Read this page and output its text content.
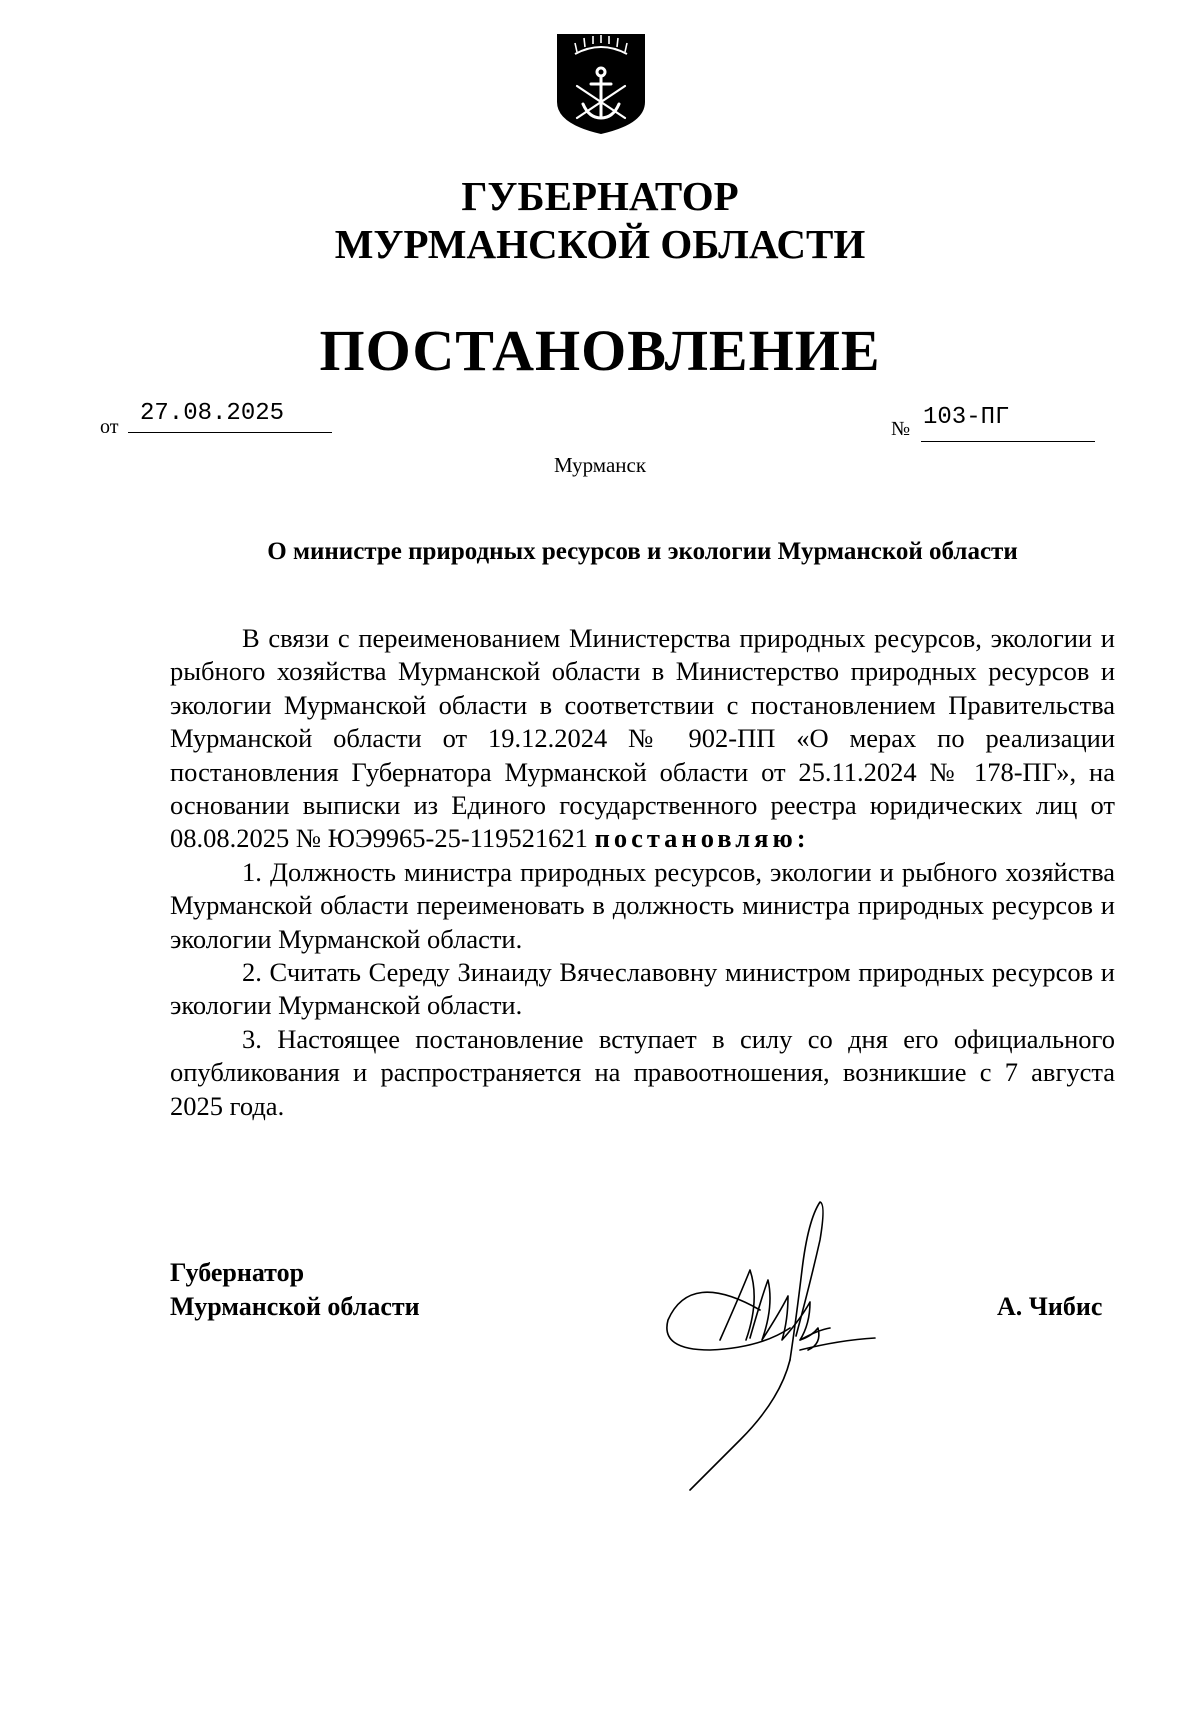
ГУБЕРНАТОР
МУРМАНСКОЙ ОБЛАСТИ
ПОСТАНОВЛЕНИЕ
от 27.08.2025
№ 103-ПГ
Мурманск
О министре природных ресурсов и экологии Мурманской области

В связи с переименованием Министерства природных ресурсов, экологии и рыбного хозяйства Мурманской области в Министерство природных ресурсов и экологии Мурманской области в соответствии с постановлением Правительства Мурманской области от 19.12.2024 № 902-ПП «О мерах по реализации постановления Губернатора Мурманской области от 25.11.2024 № 178-ПГ», на основании выписки из Единого государственного реестра юридических лиц от 08.08.2025 № ЮЭ9965-25-119521621 постановляю:

1. Должность министра природных ресурсов, экологии и рыбного хозяйства Мурманской области переименовать в должность министра природных ресурсов и экологии Мурманской области.

2. Считать Середу Зинаиду Вячеславовну министром природных ресурсов и экологии Мурманской области.

3. Настоящее постановление вступает в силу со дня его официального опубликования и распространяется на правоотношения, возникшие с 7 августа 2025 года.

Губернатор
Мурманской области	А. Чибис
